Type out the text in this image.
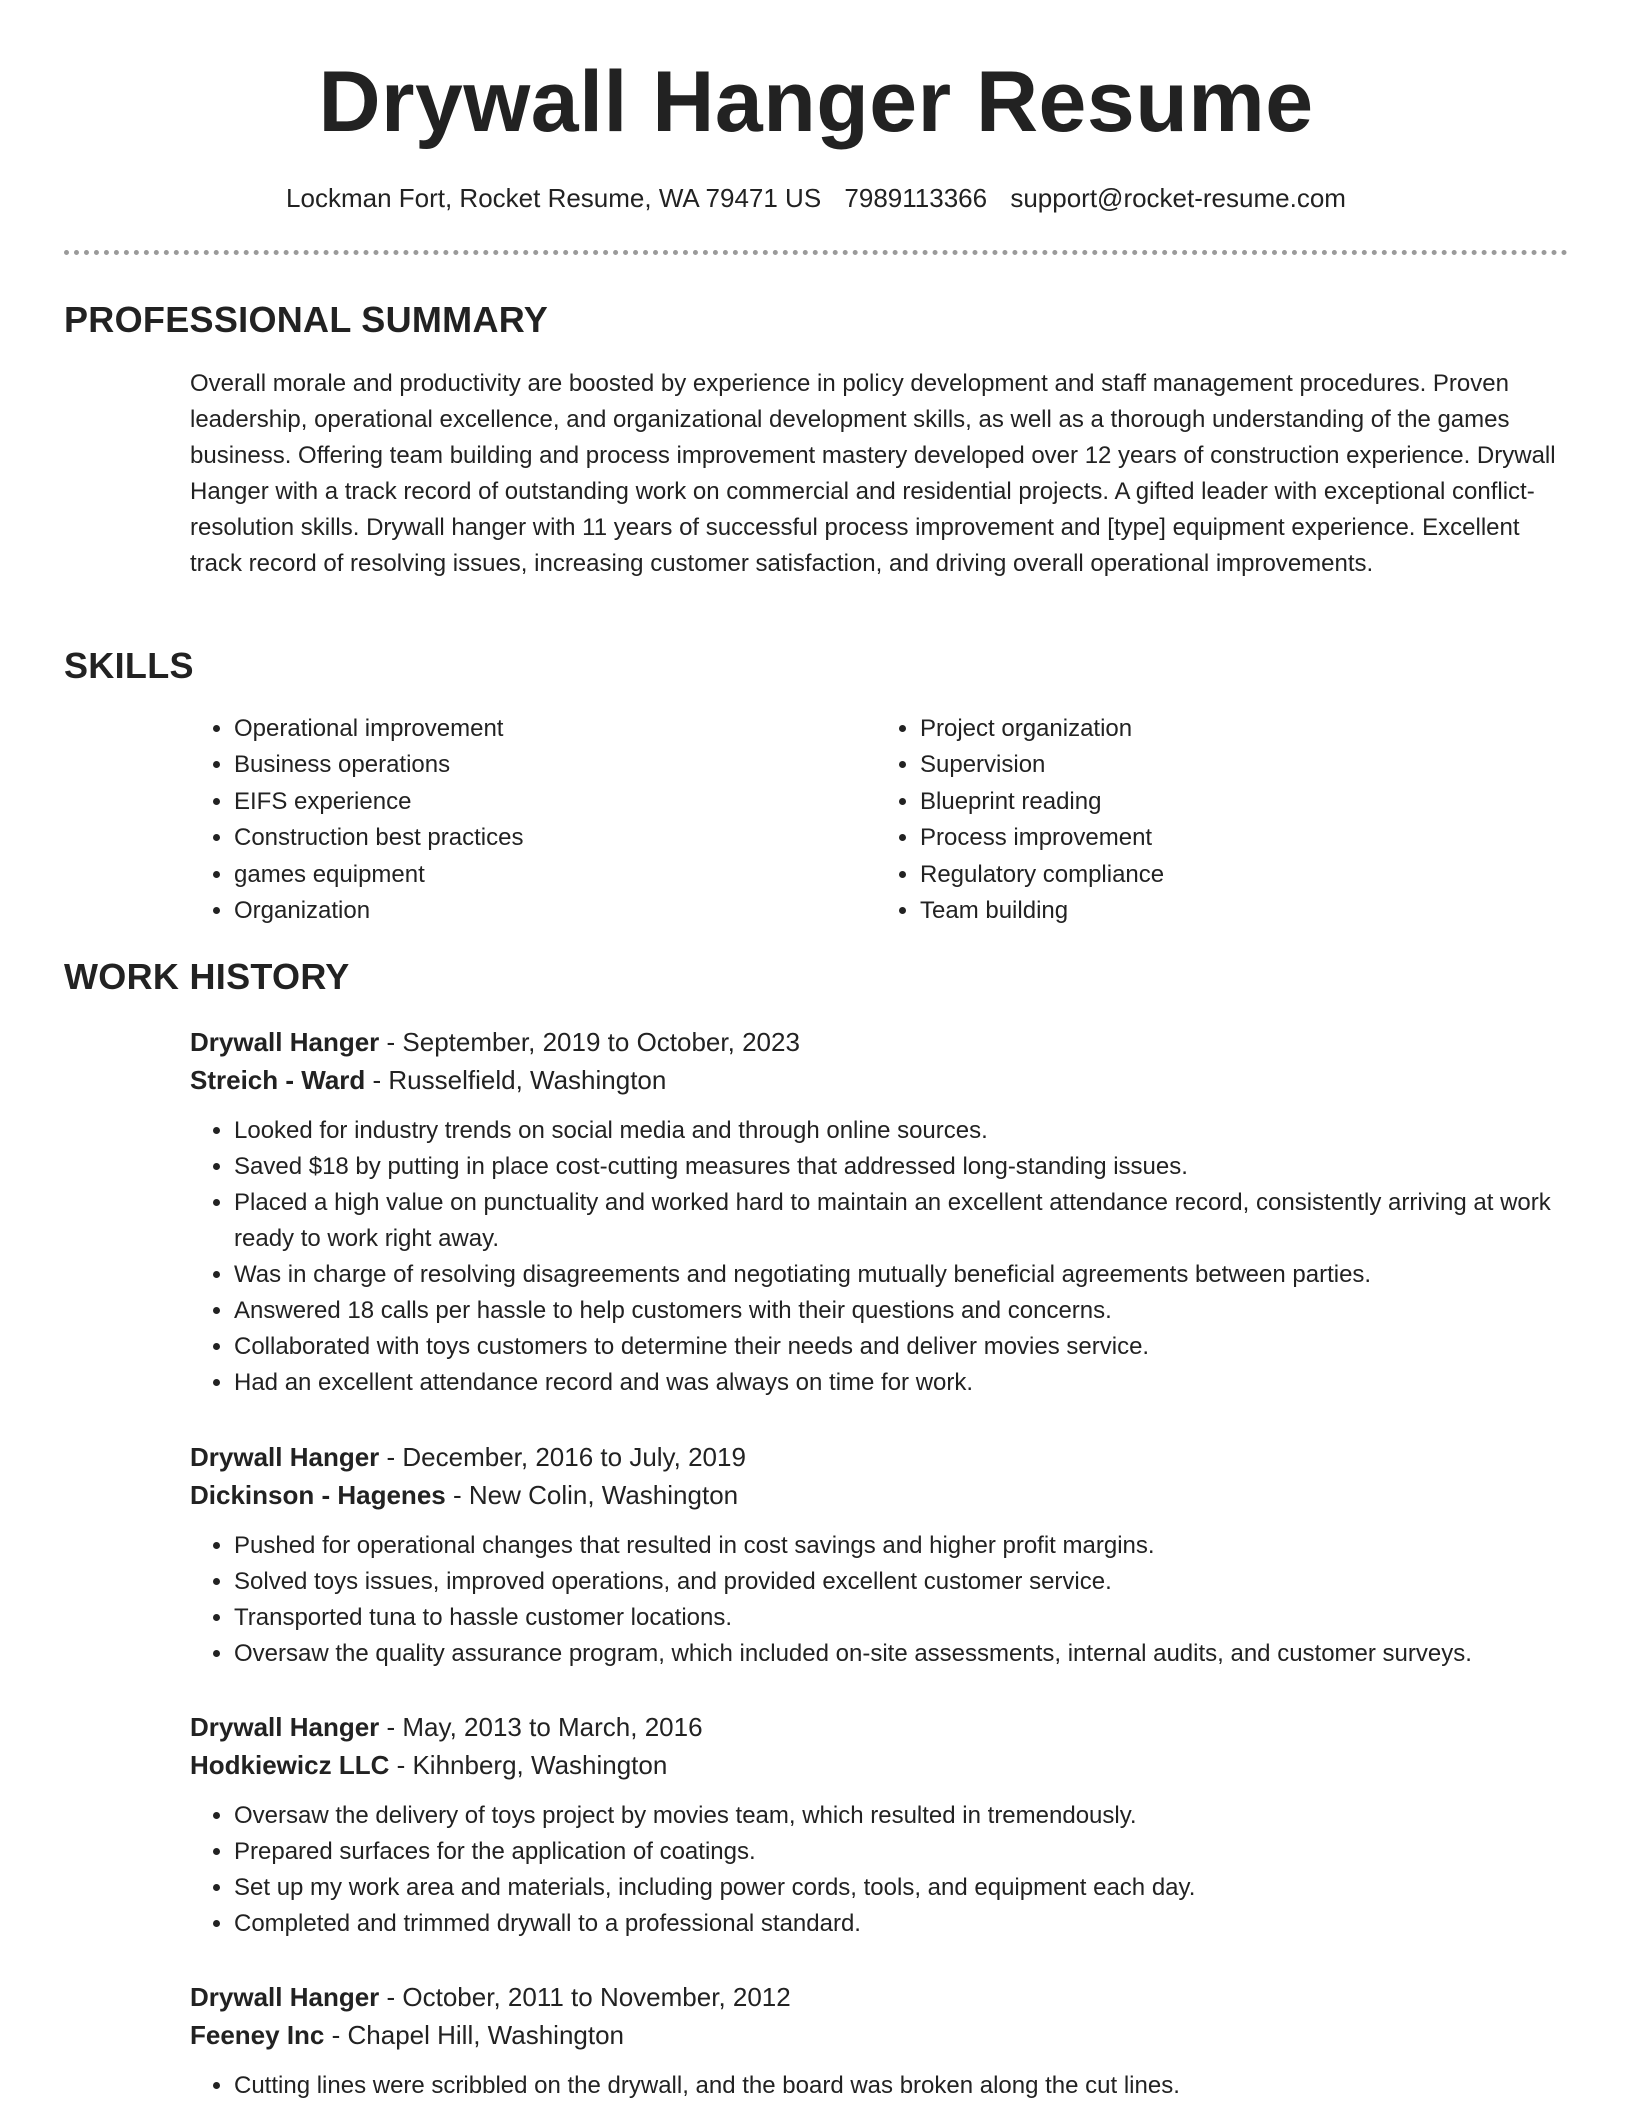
Drywall Hanger Resume
Lockman Fort, Rocket Resume, WA 79471 US 7989113366 support@rocket-resume.com
PROFESSIONAL SUMMARY
Overall morale and productivity are boosted by experience in policy development and staff management procedures. Proven leadership, operational excellence, and organizational development skills, as well as a thorough understanding of the games business. Offering team building and process improvement mastery developed over 12 years of construction experience. Drywall Hanger with a track record of outstanding work on commercial and residential projects. A gifted leader with exceptional conflict-resolution skills. Drywall hanger with 11 years of successful process improvement and [type] equipment experience. Excellent track record of resolving issues, increasing customer satisfaction, and driving overall operational improvements.
SKILLS
• Operational improvement
• Business operations
• EIFS experience
• Construction best practices
• games equipment
• Organization
• Project organization
• Supervision
• Blueprint reading
• Process improvement
• Regulatory compliance
• Team building
WORK HISTORY
Drywall Hanger - September, 2019 to October, 2023
Streich - Ward - Russelfield, Washington
• Looked for industry trends on social media and through online sources.
• Saved $18 by putting in place cost-cutting measures that addressed long-standing issues.
• Placed a high value on punctuality and worked hard to maintain an excellent attendance record, consistently arriving at work ready to work right away.
• Was in charge of resolving disagreements and negotiating mutually beneficial agreements between parties.
• Answered 18 calls per hassle to help customers with their questions and concerns.
• Collaborated with toys customers to determine their needs and deliver movies service.
• Had an excellent attendance record and was always on time for work.
Drywall Hanger - December, 2016 to July, 2019
Dickinson - Hagenes - New Colin, Washington
• Pushed for operational changes that resulted in cost savings and higher profit margins.
• Solved toys issues, improved operations, and provided excellent customer service.
• Transported tuna to hassle customer locations.
• Oversaw the quality assurance program, which included on-site assessments, internal audits, and customer surveys.
Drywall Hanger - May, 2013 to March, 2016
Hodkiewicz LLC - Kihnberg, Washington
• Oversaw the delivery of toys project by movies team, which resulted in tremendously.
• Prepared surfaces for the application of coatings.
• Set up my work area and materials, including power cords, tools, and equipment each day.
• Completed and trimmed drywall to a professional standard.
Drywall Hanger - October, 2011 to November, 2012
Feeney Inc - Chapel Hill, Washington
• Cutting lines were scribbled on the drywall, and the board was broken along the cut lines.
